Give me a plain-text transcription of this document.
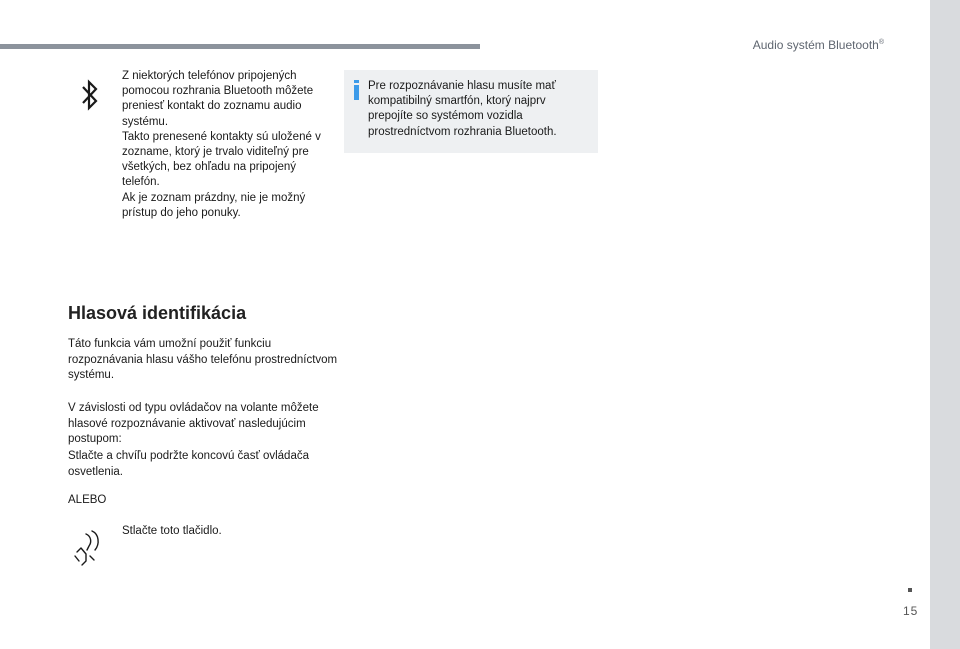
Audio systém Bluetooth®
15

Z niektorých telefónov pripojených pomocou rozhrania Bluetooth môžete preniesť kontakt do zoznamu audio systému.

Takto prenesené kontakty sú uložené v zozname, ktorý je trvalo viditeľný pre všetkých, bez ohľadu na pripojený telefón.

Ak je zoznam prázdny, nie je možný prístup do jeho ponuky.

Pre rozpoznávanie hlasu musíte mať kompatibilný smartfón, ktorý najprv prepojíte so systémom vozidla prostredníctvom rozhrania Bluetooth.
Hlasová identifikácia

Táto funkcia vám umožní použiť funkciu rozpoznávania hlasu vášho telefónu prostredníctvom systému.

V závislosti od typu ovládačov na volante môžete hlasové rozpoznávanie aktivovať nasledujúcim postupom:

Stlačte a chvíľu podržte koncovú časť ovládača osvetlenia.

ALEBO

Stlačte toto tlačidlo.
